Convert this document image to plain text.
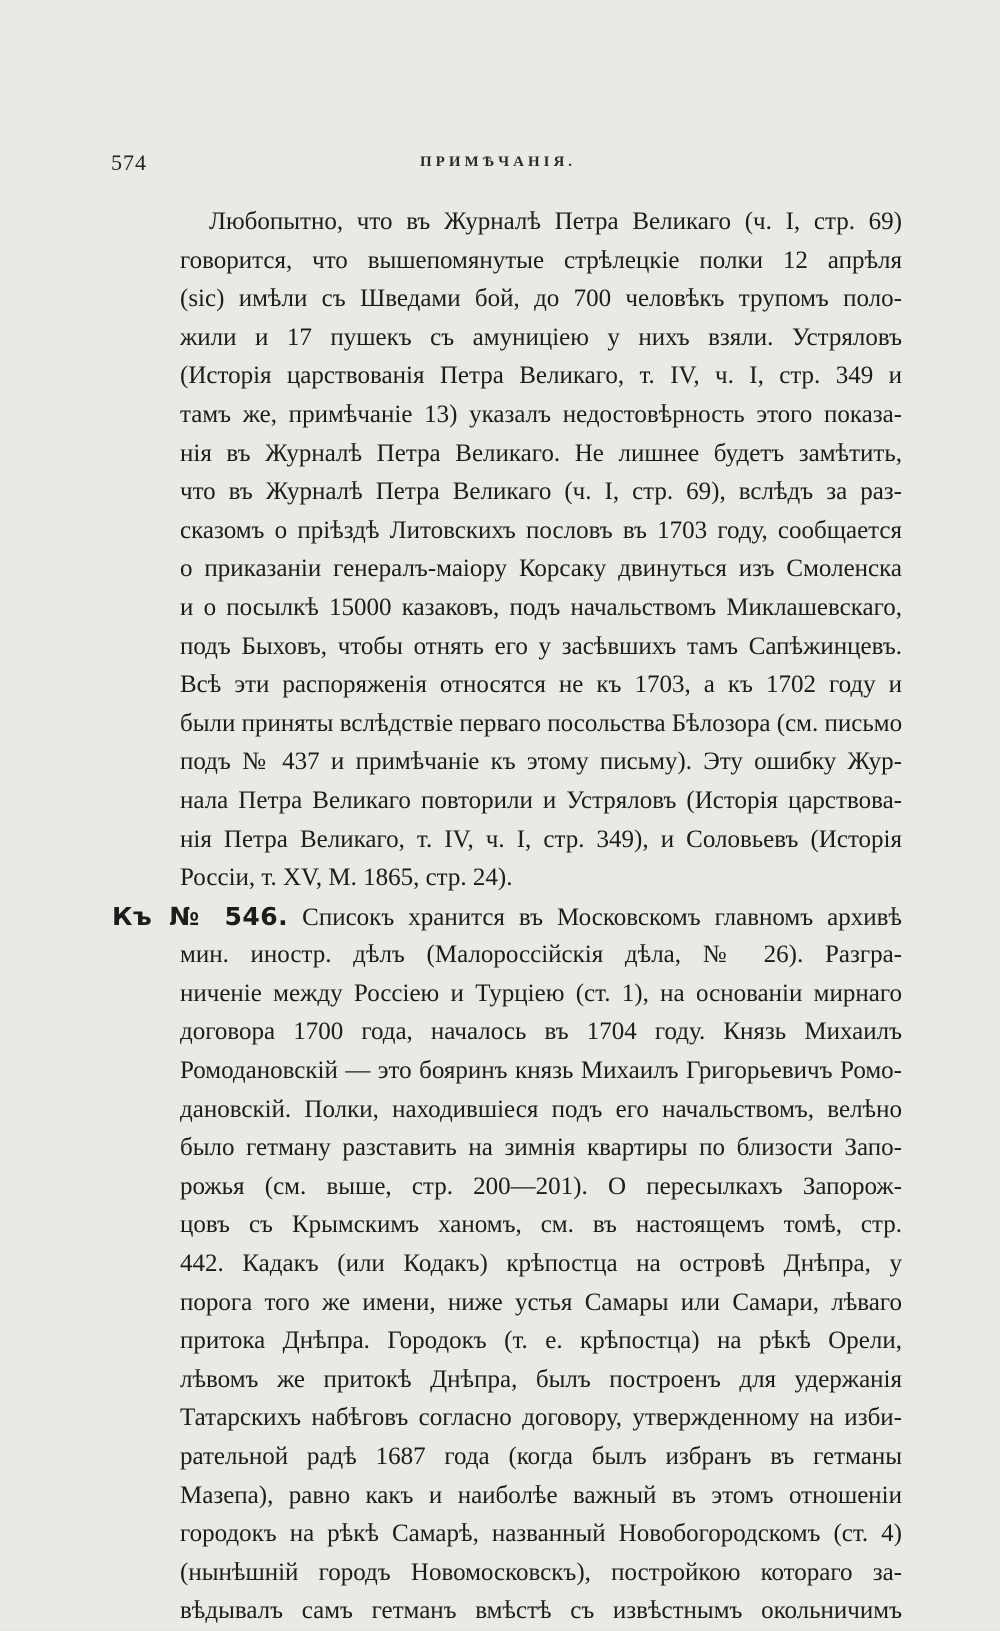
574	ПРИМѢЧАНІЯ.
Любопытно, что въ Журналѣ Петра Великаго (ч. I, стр. 69)
говорится, что вышепомянутые стрѣлецкіе полки 12 апрѣля
(sic) имѣли съ Шведами бой, до 700 человѣкъ трупомъ поло-
жили и 17 пушекъ съ амуниціею у нихъ взяли. Устряловъ
(Исторія царствованія Петра Великаго, т. IV, ч. I, стр. 349 и
тамъ же, примѣчаніе 13) указалъ недостовѣрность этого показа-
нія въ Журналѣ Петра Великаго. Не лишнее будетъ замѣтить,
что въ Журналѣ Петра Великаго (ч. I, стр. 69), вслѣдъ за раз-
сказомъ о пріѣздѣ Литовскихъ пословъ въ 1703 году, сообщается
о приказаніи генералъ-маіору Корсаку двинуться изъ Смоленска
и о посылкѣ 15000 казаковъ, подъ начальствомъ Миклашевскаго,
подъ Быховъ, чтобы отнять его у засѣвшихъ тамъ Сапѣжинцевъ.
Всѣ эти распоряженія относятся не къ 1703, а къ 1702 году и
были приняты вслѣдствіе перваго посольства Бѣлозора (см. письмо
подъ № 437 и примѣчаніе къ этому письму). Эту ошибку Жур-
нала Петра Великаго повторили и Устряловъ (Исторія царствова-
нія Петра Великаго, т. IV, ч. I, стр. 349), и Соловьевъ (Исторія
Россіи, т. XV, М. 1865, стр. 24).
Къ № 546. Списокъ хранится въ Московскомъ главномъ архивѣ
мин. иностр. дѣлъ (Малороссійскія дѣла, № 26). Разгра-
ниченіе между Россіею и Турціею (ст. 1), на основаніи мирнаго
договора 1700 года, началось въ 1704 году. Князь Михаилъ
Ромодановскій — это бояринъ князь Михаилъ Григорьевичъ Ромо-
дановскій. Полки, находившіеся подъ его начальствомъ, велѣно
было гетману разставить на зимнія квартиры по близости Запо-
рожья (см. выше, стр. 200—201). О пересылкахъ Запорож-
цовъ съ Крымскимъ ханомъ, см. въ настоящемъ томѣ, стр.
442. Кадакъ (или Кодакъ) крѣпостца на островѣ Днѣпра, у
порога того же имени, ниже устья Самары или Самари, лѣваго
притока Днѣпра. Городокъ (т. е. крѣпостца) на рѣкѣ Орели,
лѣвомъ же притокѣ Днѣпра, былъ построенъ для удержанія
Татарскихъ набѣговъ согласно договору, утвержденному на изби-
рательной радѣ 1687 года (когда былъ избранъ въ гетманы
Мазепа), равно какъ и наиболѣе важный въ этомъ отношеніи
городокъ на рѣкѣ Самарѣ, названный Новобогородскомъ (ст. 4)
(нынѣшній городъ Новомосковскъ), постройкою котораго за-
вѣдывалъ самъ гетманъ вмѣстѣ съ извѣстнымъ окольничимъ
